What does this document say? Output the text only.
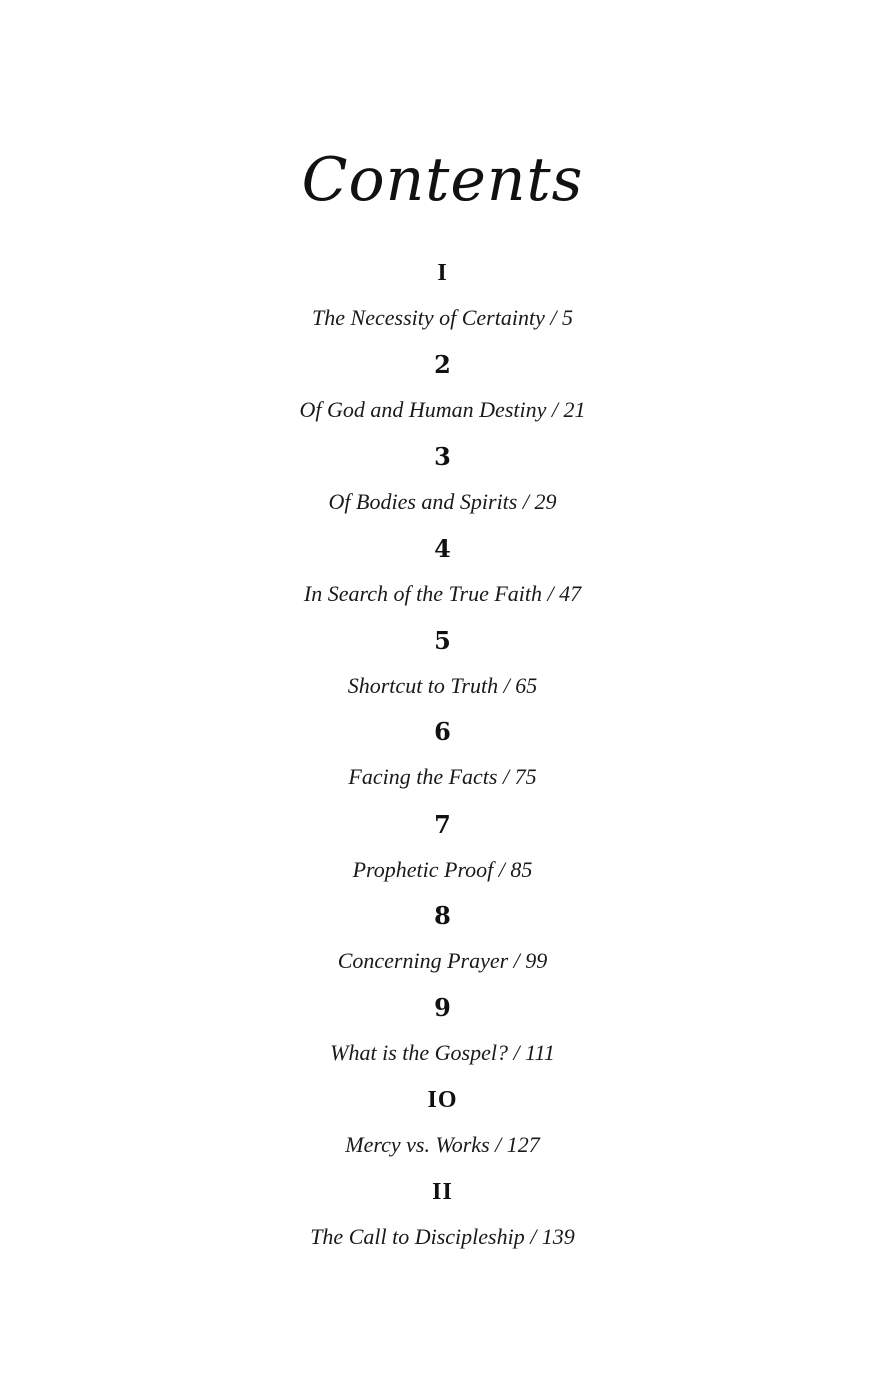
Contents
I
The Necessity of Certainty / 5
2
Of God and Human Destiny / 21
3
Of Bodies and Spirits / 29
4
In Search of the True Faith / 47
5
Shortcut to Truth / 65
6
Facing the Facts / 75
7
Prophetic Proof / 85
8
Concerning Prayer / 99
9
What is the Gospel? / 111
IO
Mercy vs. Works / 127
II
The Call to Discipleship / 139
